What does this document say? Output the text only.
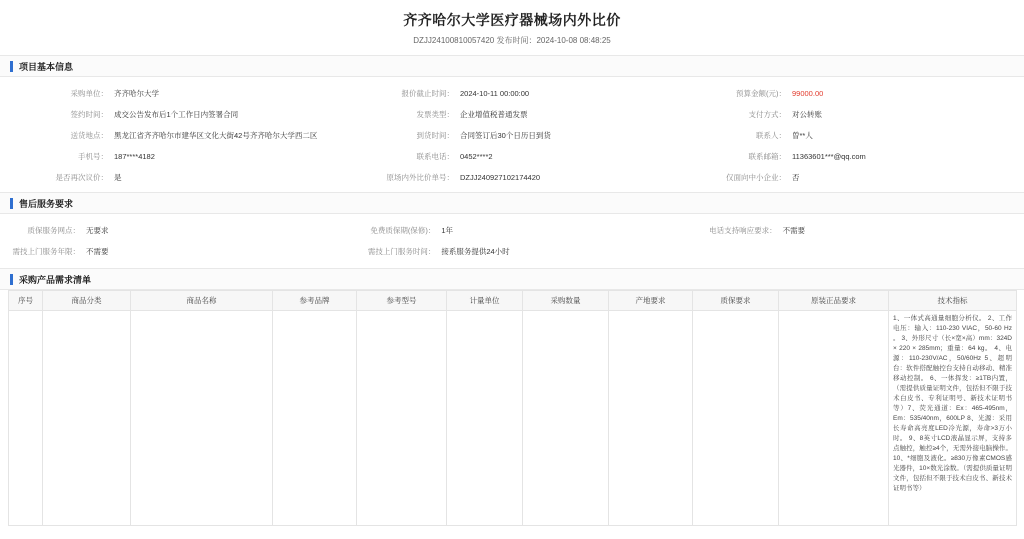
齐齐哈尔大学医疗器械场内外比价
DZJJ241008100‍57420 发布时间：2024-10-08 08:48:25
项目基本信息
采购单位： 齐齐哈尔大学	报价截止时间： 2024-10-11 00:00:00	预算金额(元)： 99000.00
签约时间： 成交公告发布后1个工作日内签署合同	发票类型： 企业增值税普通发票	支付方式： 对公转账
送货地点： 黑龙江省齐齐哈尔市建华区文化大街42号齐齐哈尔大学西二区	到货时间： 合同签订后30个日历日到货	联系人： 曽**人
手机号： 187****4182	联系电话： 0452****2	联系邮箱： 11363601***@qq.com
是否再次议价： 是	原场内外比价单号： DZJJ240927102174420	仅面向中小企业： 否
售后服务要求
质保服务网点： 无要求	免费质保期(保修)： 1年	电话支持响应要求： 不需要
需技上门服务年限： 不需要	需技上门服务时间： 接系服务提供24小时
采购产品需求清单
序号	商品分类	商品名称	参考品牌	参考型号	计量单位	采购数量	产地要求	质保要求	原装正品要求	技术指标
										1、一体式高通量细胞分析仪。 2、工作电压：输入：110-230 VIAC，50-60 Hz 。 3、外形尺寸（长×宽×高）mm：324D × 220 × 285mm；重量：64 kg。 4、电源：110-230V/AC，50/60Hz 5、超明台：软件搭配触控台支持自动移动、精准移动控制。 6、一体挥发：≥1TB内置，（需提供质量证明文件，包括但不限于技术白皮书、专利证明号、新技术证明书等）7、荧光通道：Ex：465-495nm，Em：535/40nm，600LP 8、光源：采用长寿命高亮度LED冷光源，寿命>3万小时。 9、8英寸LCD液晶显示屏，支持多点触控，触控≥4个，无需外接电脑操作。 10、*细胞及液化。≥830万像素CMOS感光器件，10×数光涂数。（需提供质量证明文件，包括但不限于技术白皮书、新技术证明书等）
